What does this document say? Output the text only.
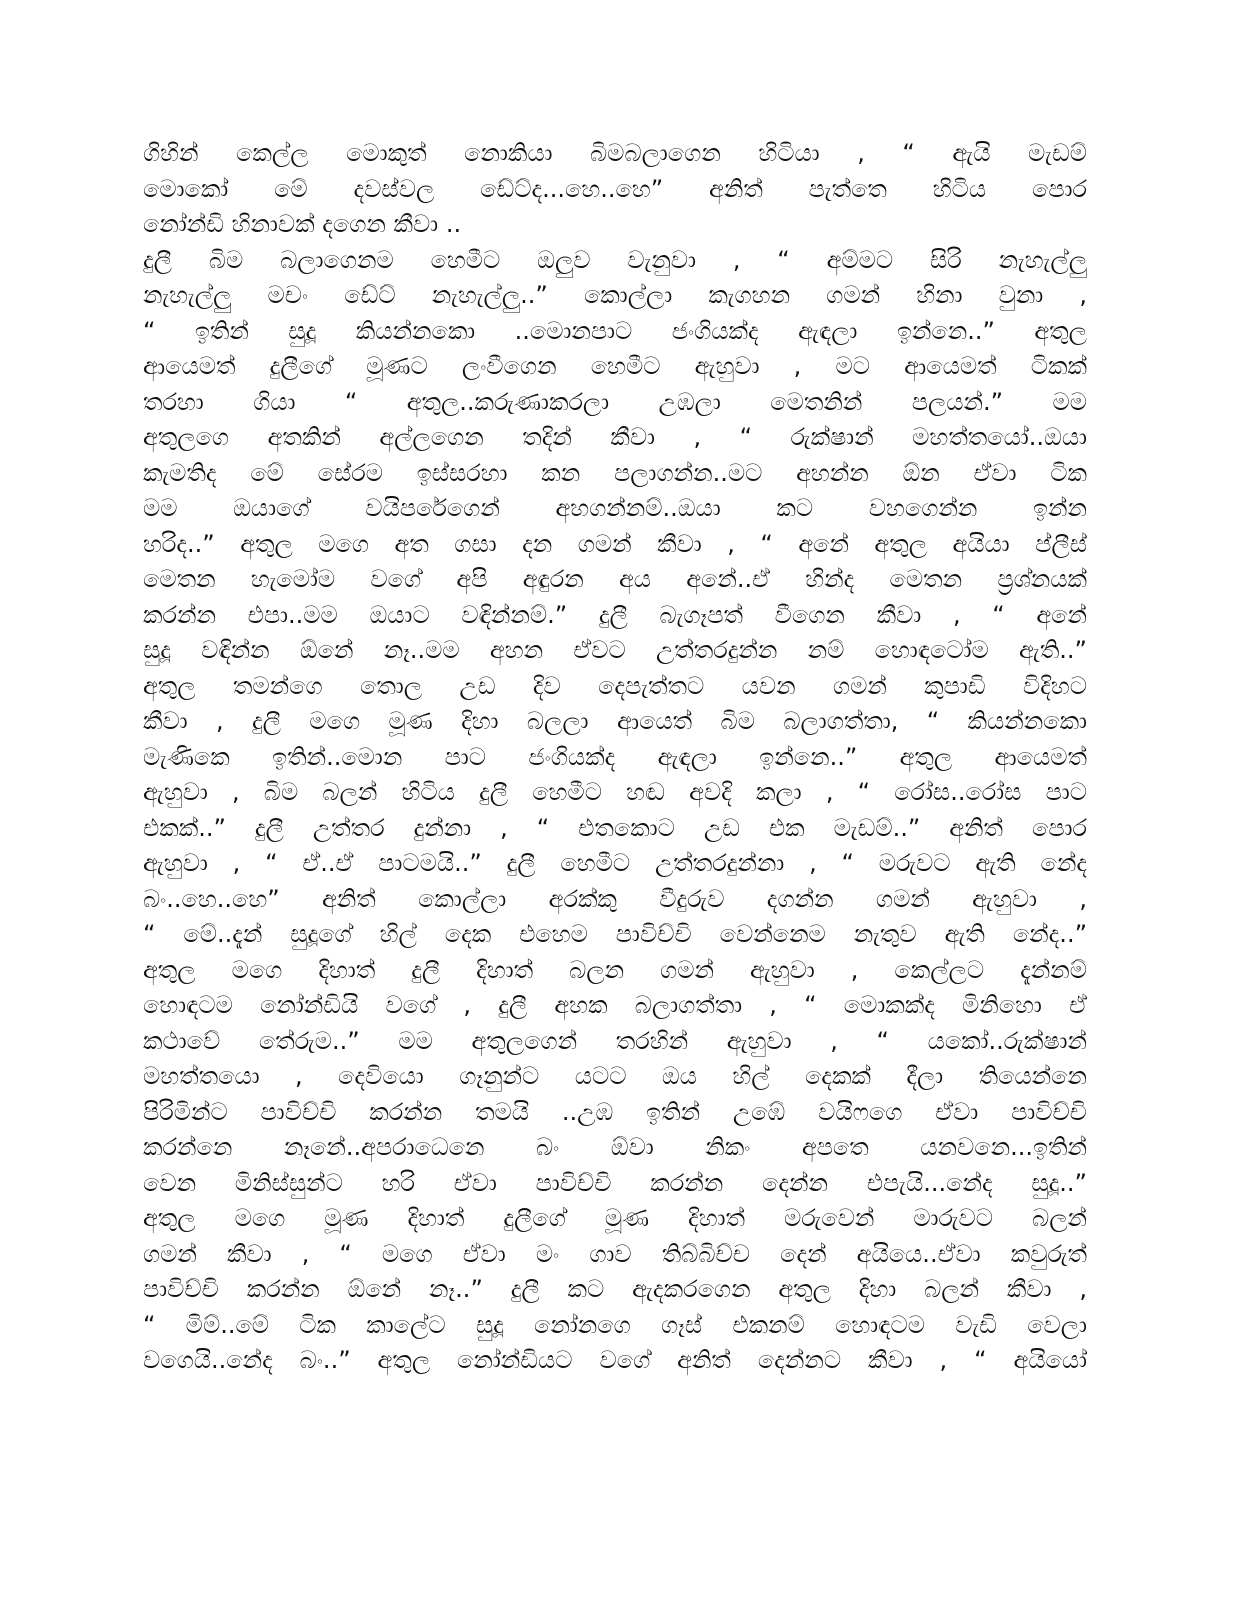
ගිහින් කෙල්ල මොකුත් නොකියා බිමබලාගෙන හිටියා , “ ඇයි මැඩම්
මොකෝ මේ දවස්වල ඩේට්ද...හෙ..හෙ” අනිත් පැත්තෙ හිටිය පොර
නෝන්ඩි හිනාවක් දගෙන කීවා ..
දුලී බිම බලාගෙනම හෙමීට ඔලුව වැනුවා , “ අම්මට සිරි නැහැල්ලු
නැහැල්ලු මචං ඩේට් නැහැල්ලු..” කොල්ලා කැගහන ගමන් හිනා වුනා ,
“ ඉතින් සුදූ කියන්නකො ..මොනපාට ජංගියක්ද ඇඳලා ඉන්නෙ..” අතුල
ආයෙමත් දුලීගේ මූණට ලංවීගෙන හෙමීට ඇහුවා , මට ආයෙමත් ටිකක්
තරහා ගියා “ අතුල..කරුණාකරලා උඹලා මෙතනින් පලයන්.” මම
අතුලගෙ අතකින් අල්ලගෙන තදින් කීවා , “ රුක්ෂාන් මහත්තයෝ..ඔයා
කැමතිද මේ සේරම ඉස්සරහා කන පලාගන්න..මට අහන්න ඕන ඒවා ටික
මම ඔයාගේ වයිපරේගෙන් අහගන්නම්..ඔයා කට වහගෙන්න ඉන්න
හරිද..” අතුල මගෙ අත ගසා දන ගමන් කීවා , “ අනේ අතුල අයියා ප්ලීස්
මෙතන හැමෝම වගේ අපි අඳුරන අය අනේ..ඒ හින්ද මෙතන ප්‍රශ්නයක්
කරන්න එපා..මම ඔයාට වඳින්නම්.” දුලී බැගෑපත් වීගෙන කීවා , “ අනේ
සුදූ වඳින්න ඕනේ නෑ..මම අහන ඒවට උත්තරදුන්න නම් හොඳටෝම ඇති..”
අතුල තමන්ගෙ තොල උඩ දිව දෙපැත්තට යවන ගමන් කුපාඩි විදිහට
කීවා , දුලී මගෙ මූණ දිහා බලලා ආයෙත් බිම බලාගත්තා, “ කියන්නකො
මැණිකෙ ඉතින්..මොන පාට ජංගියක්ද ඇඳලා ඉන්නෙ..” අතුල ආයෙමත්
ඇහුවා , බිම බලන් හිටිය දුලී හෙමීට හඬ අවදි කලා , “ රෝස..රෝස පාට
එකක්..” දුලී උත්තර දුන්නා , “ එතකොට උඩ එක මැඩම්..” අනිත් පොර
ඇහුවා , “ ඒ..ඒ පාටමයි..” දුලී හෙමීට උත්තරදුන්නා , “ මරුවට ඇති නේද
බං..හෙ..හෙ” අනිත් කොල්ලා අරක්කු වීදුරුව දගන්න ගමන් ඇහුවා ,
“ මේ..දැන් සුදූගේ හිල් දෙක එහෙම පාවිච්චි වෙන්නෙම නැතුව ඇති නේද..”
අතුල මගෙ දිහාත් දුලී දිහාත් බලන ගමන් ඇහුවා , කෙල්ලට දැන්නම්
හොඳටම නෝන්ඩියි වගේ , දුලී අහක බලාගත්තා , “ මොකක්ද මිනිහො ඒ
කථාවේ තේරුම..” මම අතුලගෙන් තරහින් ඇහුවා , “ යකෝ..රුක්ෂාන්
මහත්තයො , දෙවියො ගෑනුන්ට යටට ඔය හිල් දෙකක් දීලා තියෙන්නෙ
පිරිමින්ට පාවිච්චි කරන්න තමයි ..උඹ ඉතින් උඹේ වයිෆගෙ ඒවා පාවිච්චි
කරන්නෙ නෑනේ..අපරාධෙනෙ බං ඕවා නිකං අපතෙ යනවනෙ...ඉතින්
වෙන මිනිස්සුන්ට හරි ඒවා පාවිච්චි කරන්න දෙන්න එපැයි...නේද සුදූ..”
අතුල මගෙ මූණ දිහාත් දුලීගේ මූණ දිහාත් මරුවෙන් මාරුවට බලන්
ගමන් කීවා , “ මගෙ ඒවා මං ගාව තිබ්බිච්ච දෙන් අයියෙ..ඒවා කවුරුත්
පාවිච්චි කරන්න ඕනේ නෑ..” දුලී කට ඇදකරගෙන අතුල දිහා බලන් කීවා ,
“ මිම්..මේ ටික කාලේට සුදූ නෝනගෙ ගෑස් එකනම් හොඳටම වැඩි වෙලා
වගෙයි..නේද බං..” අතුල නෝන්ඩියට වගේ අනිත් දෙන්නට කීවා , “ අයියෝ
